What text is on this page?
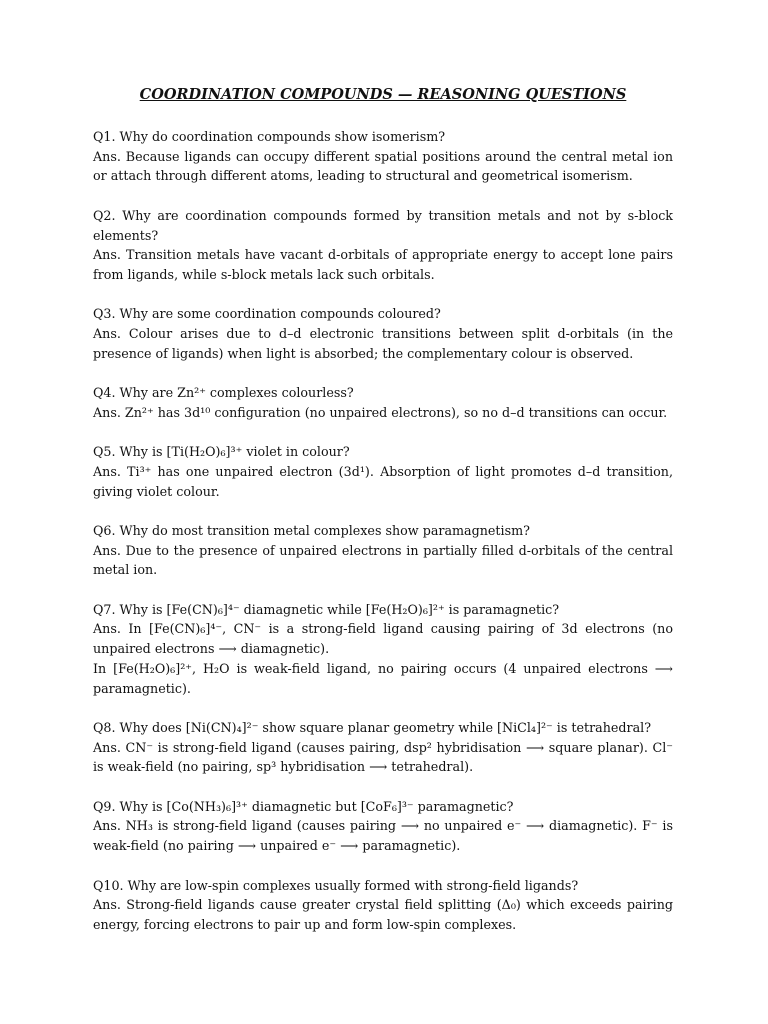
COORDINATION COMPOUNDS — REASONING QUESTIONS

Q1. Why do coordination compounds show isomerism?

Ans. Because ligands can occupy different spatial positions around the central metal ion or attach through different atoms, leading to structural and geometrical isomerism.

Q2. Why are coordination compounds formed by transition metals and not by s-block elements?

Ans. Transition metals have vacant d-orbitals of appropriate energy to accept lone pairs from ligands, while s-block metals lack such orbitals.

Q3. Why are some coordination compounds coloured?

Ans. Colour arises due to d–d electronic transitions between split d-orbitals (in the presence of ligands) when light is absorbed; the complementary colour is observed.

Q4. Why are Zn²⁺ complexes colourless?

Ans. Zn²⁺ has 3d¹⁰ configuration (no unpaired electrons), so no d–d transitions can occur.

Q5. Why is [Ti(H₂O)₆]³⁺ violet in colour?

Ans. Ti³⁺ has one unpaired electron (3d¹). Absorption of light promotes d–d transition, giving violet colour.

Q6. Why do most transition metal complexes show paramagnetism?

Ans. Due to the presence of unpaired electrons in partially filled d-orbitals of the central metal ion.

Q7. Why is [Fe(CN)₆]⁴⁻ diamagnetic while [Fe(H₂O)₆]²⁺ is paramagnetic?

Ans. In [Fe(CN)₆]⁴⁻, CN⁻ is a strong-field ligand causing pairing of 3d electrons (no unpaired electrons ⟶ diamagnetic).

In [Fe(H₂O)₆]²⁺, H₂O is weak-field ligand, no pairing occurs (4 unpaired electrons ⟶ paramagnetic).

Q8. Why does [Ni(CN)₄]²⁻ show square planar geometry while [NiCl₄]²⁻ is tetrahedral?

Ans. CN⁻ is strong-field ligand (causes pairing, dsp² hybridisation ⟶ square planar). Cl⁻ is weak-field (no pairing, sp³ hybridisation ⟶ tetrahedral).

Q9. Why is [Co(NH₃)₆]³⁺ diamagnetic but [CoF₆]³⁻ paramagnetic?

Ans. NH₃ is strong-field ligand (causes pairing ⟶ no unpaired e⁻ ⟶ diamagnetic). F⁻ is weak-field (no pairing ⟶ unpaired e⁻ ⟶ paramagnetic).

Q10. Why are low-spin complexes usually formed with strong-field ligands?

Ans. Strong-field ligands cause greater crystal field splitting (Δ₀) which exceeds pairing energy, forcing electrons to pair up and form low-spin complexes.
